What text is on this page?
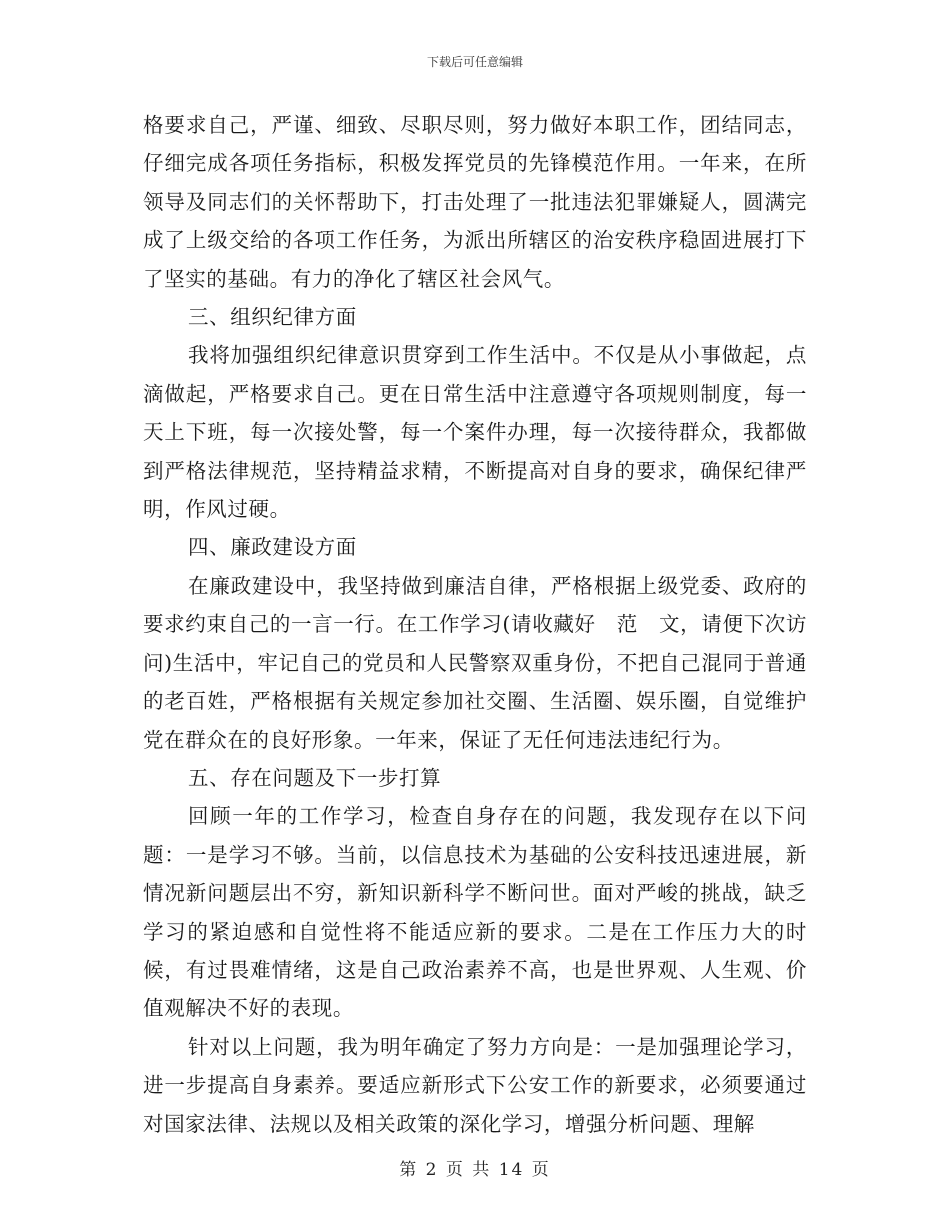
下载后可任意编辑

格要求自己，严谨、细致、尽职尽则，努力做好本职工作，团结同志，仔细完成各项任务指标，积极发挥党员的先锋模范作用。一年来，在所领导及同志们的关怀帮助下，打击处理了一批违法犯罪嫌疑人，圆满完成了上级交给的各项工作任务，为派出所辖区的治安秩序稳固进展打下了坚实的基础。有力的净化了辖区社会风气。

三、组织纪律方面

我将加强组织纪律意识贯穿到工作生活中。不仅是从小事做起，点滴做起，严格要求自己。更在日常生活中注意遵守各项规则制度，每一天上下班，每一次接处警，每一个案件办理，每一次接待群众，我都做到严格法律规范，坚持精益求精，不断提高对自身的要求，确保纪律严明，作风过硬。

四、廉政建设方面

在廉政建设中，我坚持做到廉洁自律，严格根据上级党委、政府的要求约束自己的一言一行。在工作学习(请收藏好　范　文，请便下次访问)生活中，牢记自己的党员和人民警察双重身份，不把自己混同于普通的老百姓，严格根据有关规定参加社交圈、生活圈、娱乐圈，自觉维护党在群众在的良好形象。一年来，保证了无任何违法违纪行为。

五、存在问题及下一步打算

回顾一年的工作学习，检查自身存在的问题，我发现存在以下问题：一是学习不够。当前，以信息技术为基础的公安科技迅速进展，新情况新问题层出不穷，新知识新科学不断问世。面对严峻的挑战，缺乏学习的紧迫感和自觉性将不能适应新的要求。二是在工作压力大的时候，有过畏难情绪，这是自己政治素养不高，也是世界观、人生观、价值观解决不好的表现。

针对以上问题，我为明年确定了努力方向是：一是加强理论学习，进一步提高自身素养。要适应新形式下公安工作的新要求，必须要通过对国家法律、法规以及相关政策的深化学习，增强分析问题、理解

第 2 页 共 14 页
